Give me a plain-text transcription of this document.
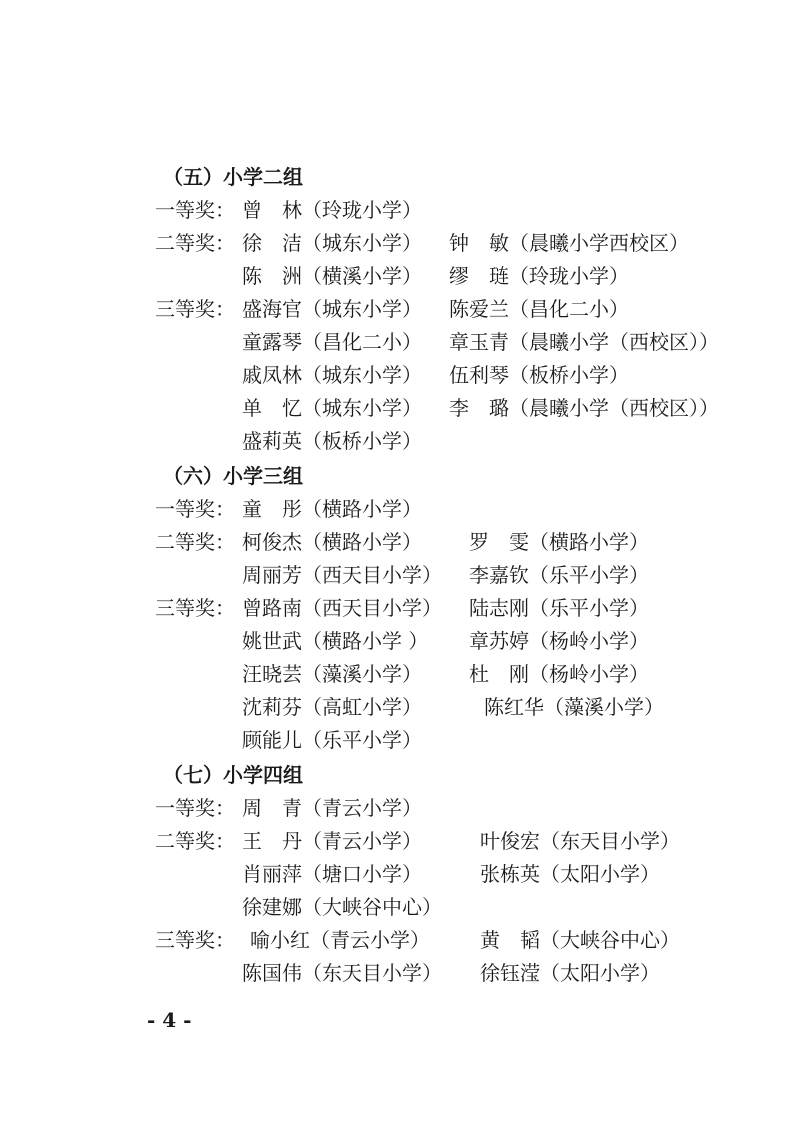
（五）小学二组
一等奖： 曾　林（玲珑小学）
二等奖： 徐　洁（城东小学） 钟　敏（晨曦小学西校区）
陈　洲（横溪小学） 缪　琏（玲珑小学）
三等奖： 盛海官（城东小学） 陈爱兰（昌化二小）
童露琴（昌化二小） 章玉青（晨曦小学（西校区））
戚凤林（城东小学） 伍利琴（板桥小学）
单　忆（城东小学） 李　璐（晨曦小学（西校区））
盛莉英（板桥小学）
（六）小学三组
一等奖： 童　彤（横路小学）
二等奖： 柯俊杰（横路小学） 罗　雯（横路小学）
周丽芳（西天目小学） 李嘉钦（乐平小学）
三等奖： 曾路南（西天目小学） 陆志刚（乐平小学）
姚世武（横路小学 ） 章苏婷（杨岭小学）
汪晓芸（藻溪小学） 杜　刚（杨岭小学）
沈莉芬（高虹小学）	陈红华（藻溪小学）
顾能儿（乐平小学）
（七）小学四组
一等奖： 周　青（青云小学）
二等奖： 王　丹（青云小学）	叶俊宏（东天目小学）
肖丽萍（塘口小学）	张栋英（太阳小学）
徐建娜（大峡谷中心）
三等奖： 喻小红（青云小学）	黄　韬（大峡谷中心）
陈国伟（东天目小学） 徐钰滢（太阳小学）
- 4 -
